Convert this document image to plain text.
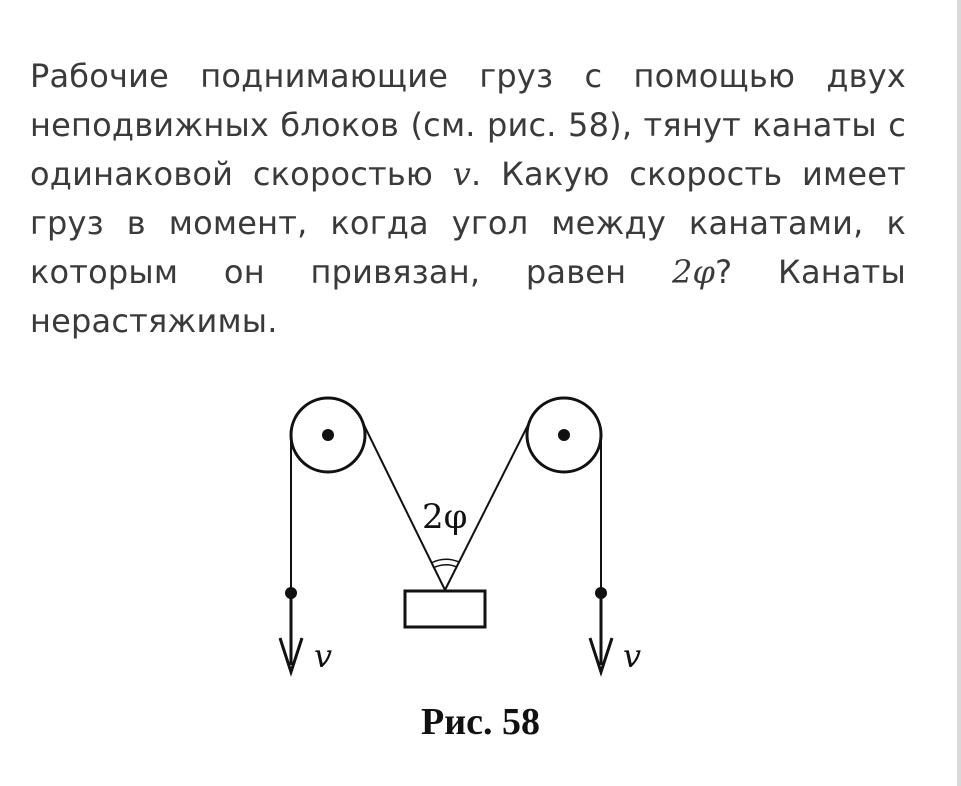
Рабочие поднимающие груз с помощью двух неподвижных блоков (см. рис. 58), тянут канаты с одинаковой скоростью v. Какую скорость имеет груз в момент, когда угол между канатами, к которым он привязан, равен 2φ? Канаты нерастяжимы.
2φ
v	v
Рис. 58
